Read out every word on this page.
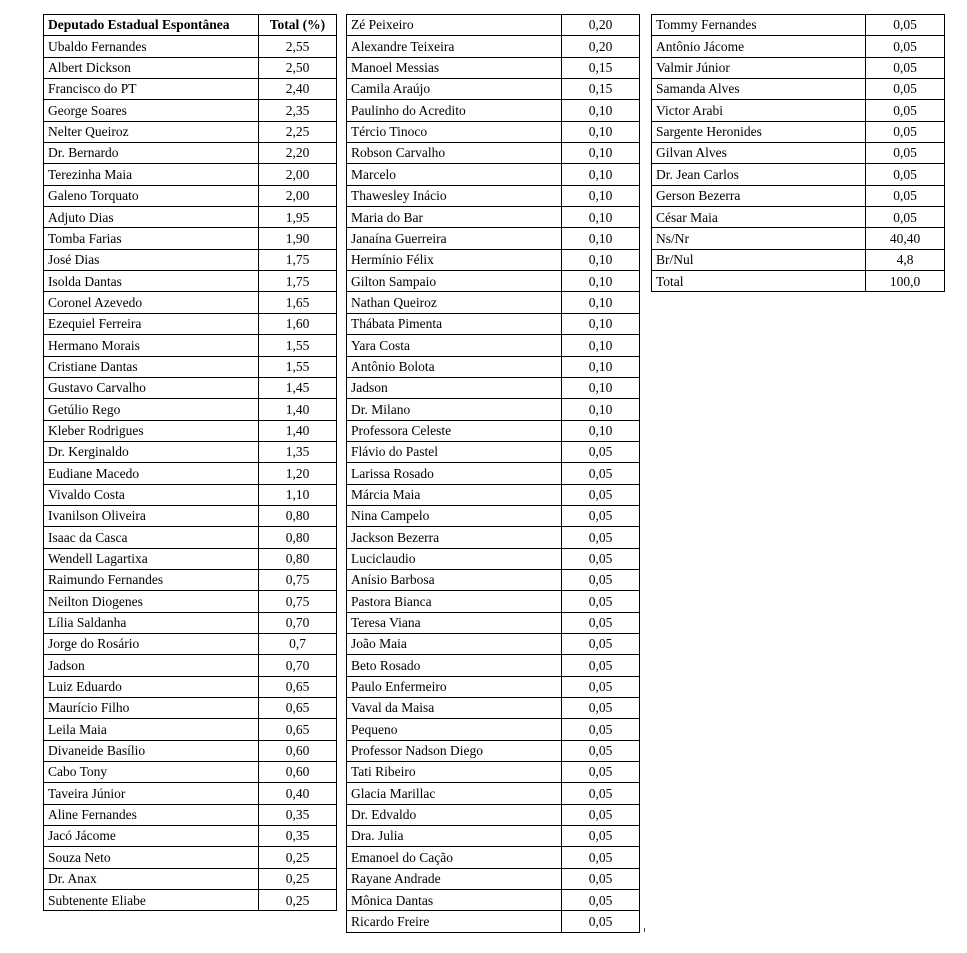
Deputado Estadual Espontânea	Total (%)
Ubaldo Fernandes	2,55
Albert Dickson	2,50
Francisco do PT	2,40
George Soares	2,35
Nelter Queiroz	2,25
Dr. Bernardo	2,20
Terezinha Maia	2,00
Galeno Torquato	2,00
Adjuto Dias	1,95
Tomba Farias	1,90
José Dias	1,75
Isolda Dantas	1,75
Coronel Azevedo	1,65
Ezequiel Ferreira	1,60
Hermano Morais	1,55
Cristiane Dantas	1,55
Gustavo Carvalho	1,45
Getúlio Rego	1,40
Kleber Rodrigues	1,40
Dr. Kerginaldo	1,35
Eudiane Macedo	1,20
Vivaldo Costa	1,10
Ivanilson Oliveira	0,80
Isaac da Casca	0,80
Wendell Lagartixa	0,80
Raimundo Fernandes	0,75
Neilton Diogenes	0,75
Lília Saldanha	0,70
Jorge do Rosário	0,7
Jadson	0,70
Luiz Eduardo	0,65
Maurício Filho	0,65
Leila Maia	0,65
Divaneide Basílio	0,60
Cabo Tony	0,60
Taveira Júnior	0,40
Aline Fernandes	0,35
Jacó Jácome	0,35
Souza Neto	0,25
Dr. Anax	0,25
Subtenente Eliabe	0,25
Zé Peixeiro	0,20
Alexandre Teixeira	0,20
Manoel Messias	0,15
Camila Araújo	0,15
Paulinho do Acredito	0,10
Tércio Tinoco	0,10
Robson Carvalho	0,10
Marcelo	0,10
Thawesley Inácio	0,10
Maria do Bar	0,10
Janaína Guerreira	0,10
Hermínio Félix	0,10
Gilton Sampaio	0,10
Nathan Queiroz	0,10
Thábata Pimenta	0,10
Yara Costa	0,10
Antônio Bolota	0,10
Jadson	0,10
Dr. Milano	0,10
Professora Celeste	0,10
Flávio do Pastel	0,05
Larissa Rosado	0,05
Márcia Maia	0,05
Nina Campelo	0,05
Jackson Bezerra	0,05
Luciclaudio	0,05
Anísio Barbosa	0,05
Pastora Bianca	0,05
Teresa Viana	0,05
João Maia	0,05
Beto Rosado	0,05
Paulo Enfermeiro	0,05
Vaval da Maisa	0,05
Pequeno	0,05
Professor Nadson Diego	0,05
Tati Ribeiro	0,05
Glacia Marillac	0,05
Dr. Edvaldo	0,05
Dra. Julia	0,05
Emanoel do Cação	0,05
Rayane Andrade	0,05
Mônica Dantas	0,05
Ricardo Freire	0,05
Tommy Fernandes	0,05
Antônio Jácome	0,05
Valmir Júnior	0,05
Samanda Alves	0,05
Victor Arabi	0,05
Sargente Heronides	0,05
Gilvan Alves	0,05
Dr. Jean Carlos	0,05
Gerson Bezerra	0,05
César Maia	0,05
Ns/Nr	40,40
Br/Nul	4,8
Total	100,0
